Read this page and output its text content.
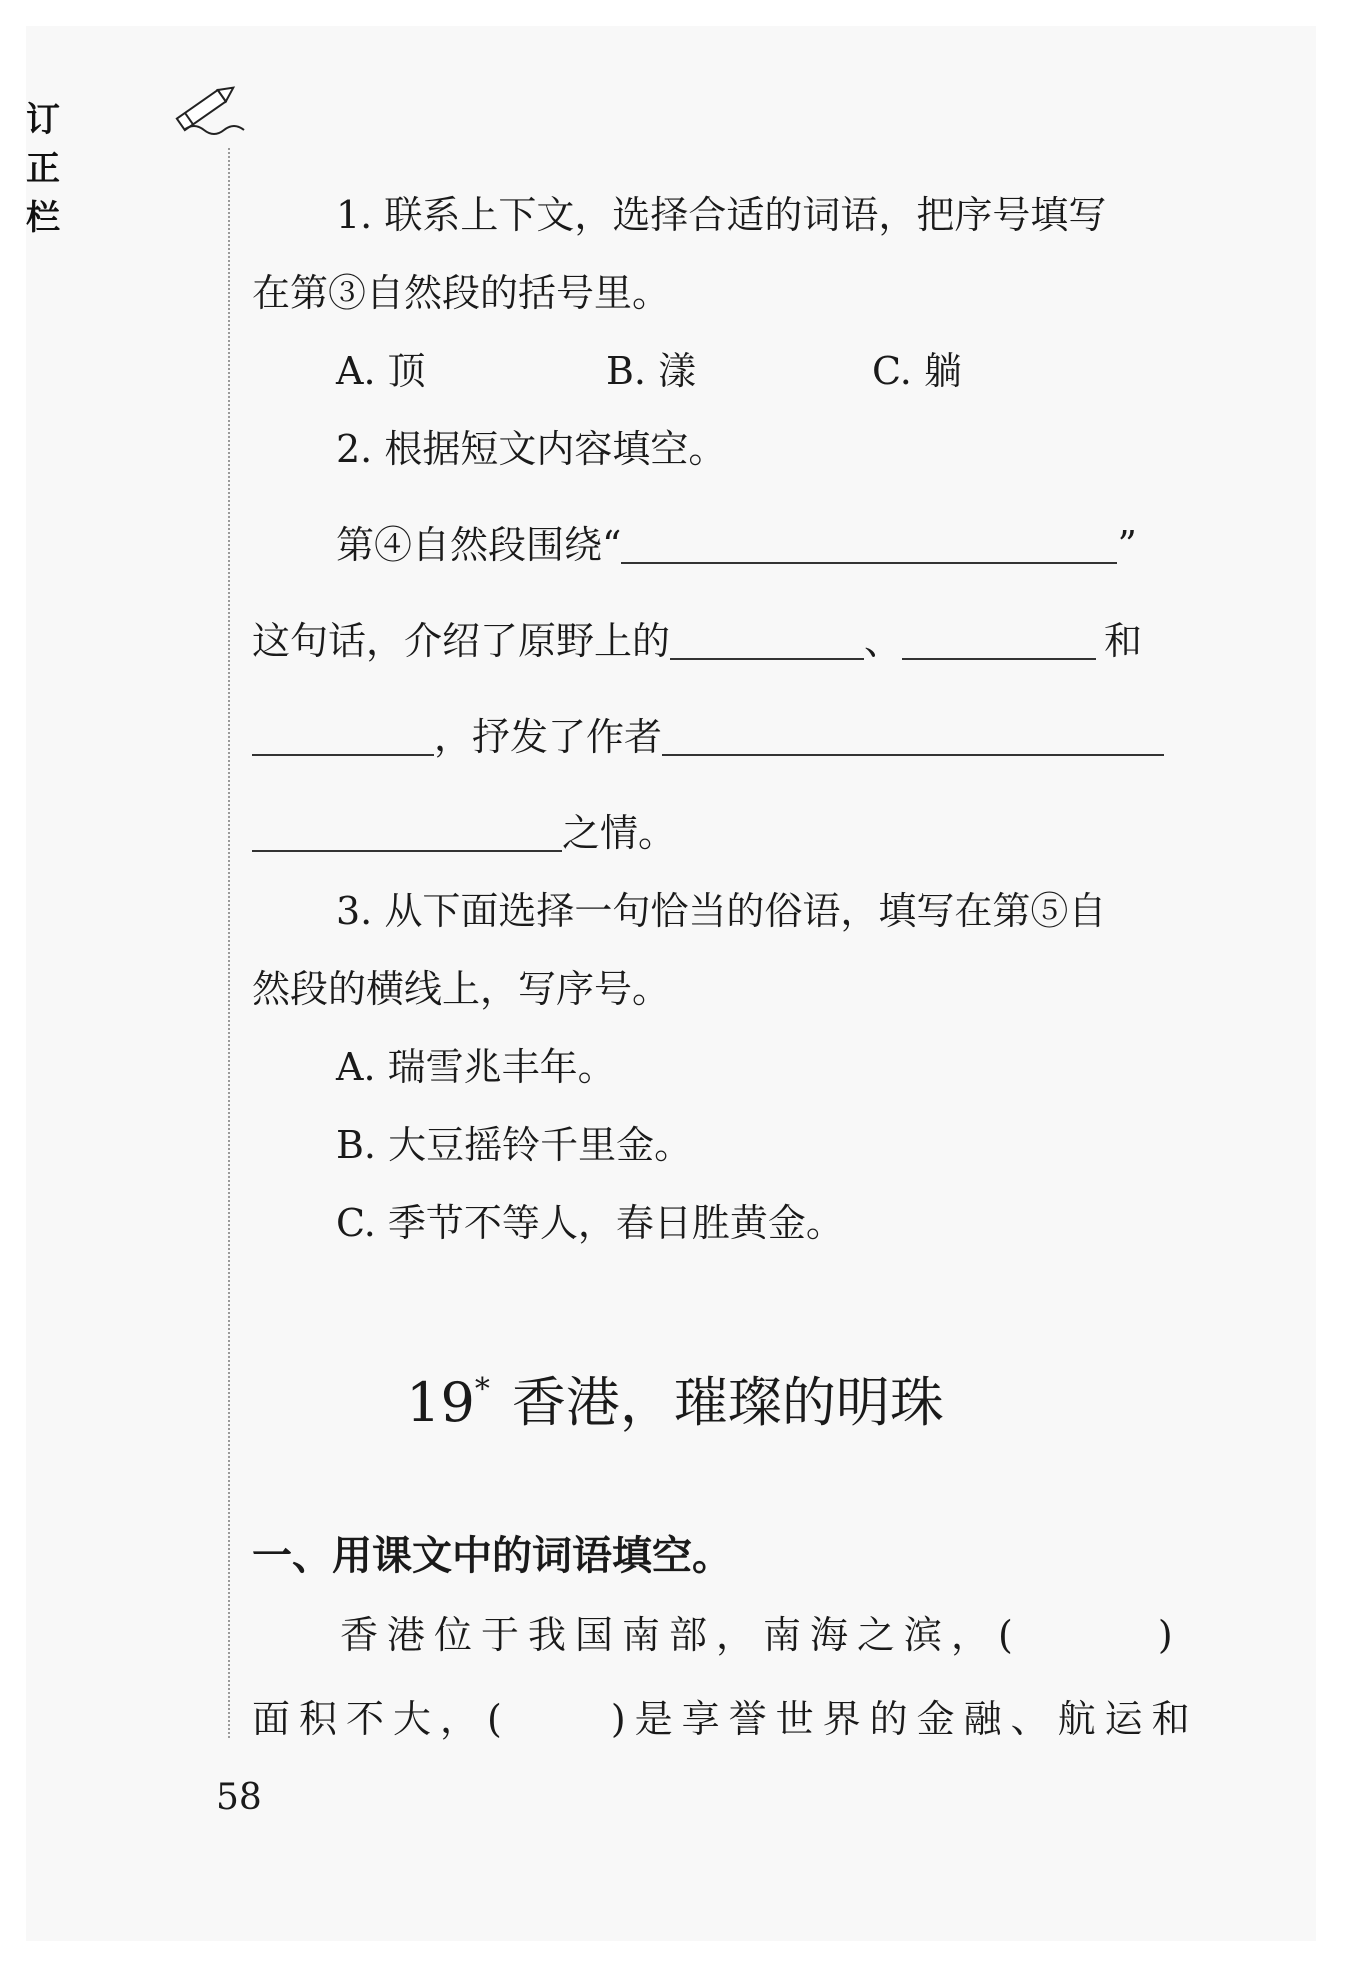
订正栏	1. 联系上下文，选择合适的词语，把序号填写
在第③自然段的括号里。
A. 顶	B. 漾	C. 躺
2. 根据短文内容填空。
第④自然段围绕“	”
这句话，介绍了原野上的	、	和
，抒发了作者
之情。
3. 从下面选择一句恰当的俗语，填写在第⑤自
然段的横线上，写序号。
A. 瑞雪兆丰年。
B. 大豆摇铃千里金。
C. 季节不等人，春日胜黄金。
19* 香港，璀璨的明珠
一、用课文中的词语填空。
香港位于我国南部，南海之滨，(	)
面积不大，(	)是享誉世界的金融、航运和
58
